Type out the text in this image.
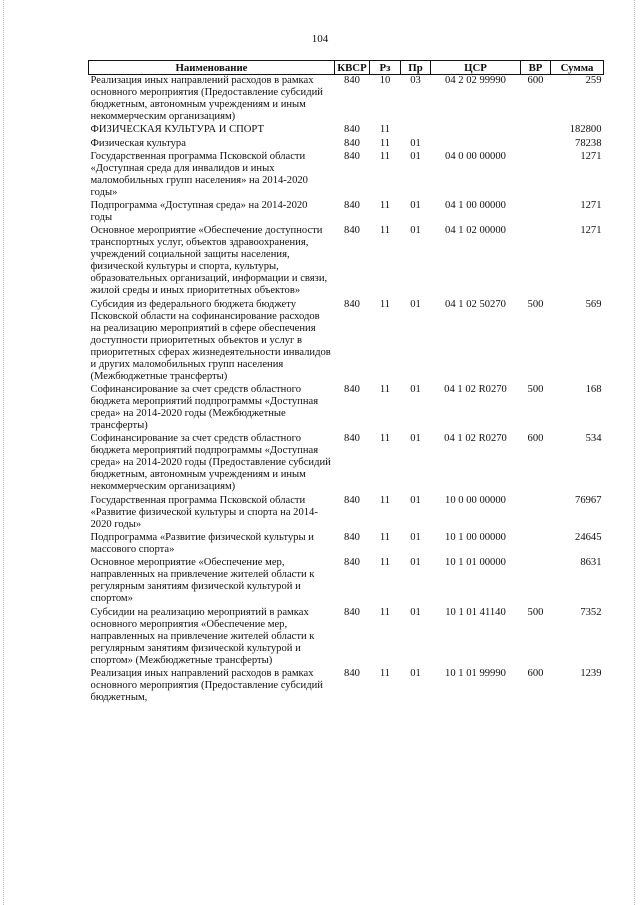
104
Наименование	КВСР	Рз	Пр	ЦСР	ВР	Сумма
Реализация иных направлений расходов в рамках основного мероприятия (Предоставление субсидий бюджетным, автономным учреждениям и иным некоммерческим организациям)	840	10	03	04 2 02 99990	600	259
ФИЗИЧЕСКАЯ КУЛЬТУРА И СПОРТ	840	11				182800
Физическая культура	840	11	01			78238
Государственная программа Псковской области «Доступная среда для инвалидов и иных маломобильных групп населения» на 2014-2020 годы»	840	11	01	04 0 00 00000		1271
Подпрограмма «Доступная среда» на 2014-2020 годы	840	11	01	04 1 00 00000		1271
Основное мероприятие «Обеспечение доступности транспортных услуг, объектов здравоохранения, учреждений социальной защиты населения, физической культуры и спорта, культуры, образовательных организаций, информации и связи, жилой среды и иных приоритетных объектов»	840	11	01	04 1 02 00000		1271
Субсидия из федерального бюджета бюджету Псковской области на софинансирование расходов на реализацию мероприятий в сфере обеспечения доступности приоритетных объектов и услуг в приоритетных сферах жизнедеятельности инвалидов и других маломобильных групп населения (Межбюджетные трансферты)	840	11	01	04 1 02 50270	500	569
Софинансирование за счет средств областного бюджета мероприятий подпрограммы «Доступная среда» на 2014-2020 годы (Межбюджетные трансферты)	840	11	01	04 1 02 R0270	500	168
Софинансирование за счет средств областного бюджета мероприятий подпрограммы «Доступная среда» на 2014-2020 годы (Предоставление субсидий бюджетным, автономным учреждениям и иным некоммерческим организациям)	840	11	01	04 1 02 R0270	600	534
Государственная программа Псковской области «Развитие физической культуры и спорта на 2014-2020 годы»	840	11	01	10 0 00 00000		76967
Подпрограмма «Развитие физической культуры и массового спорта»	840	11	01	10 1 00 00000		24645
Основное мероприятие «Обеспечение мер, направленных на привлечение жителей области к регулярным занятиям физической культурой и спортом»	840	11	01	10 1 01 00000		8631
Субсидии на реализацию мероприятий в рамках основного мероприятия «Обеспечение мер, направленных на привлечение жителей области к регулярным занятиям физической культурой и спортом» (Межбюджетные трансферты)	840	11	01	10 1 01 41140	500	7352
Реализация иных направлений расходов в рамках основного мероприятия (Предоставление субсидий бюджетным,	840	11	01	10 1 01 99990	600	1239
